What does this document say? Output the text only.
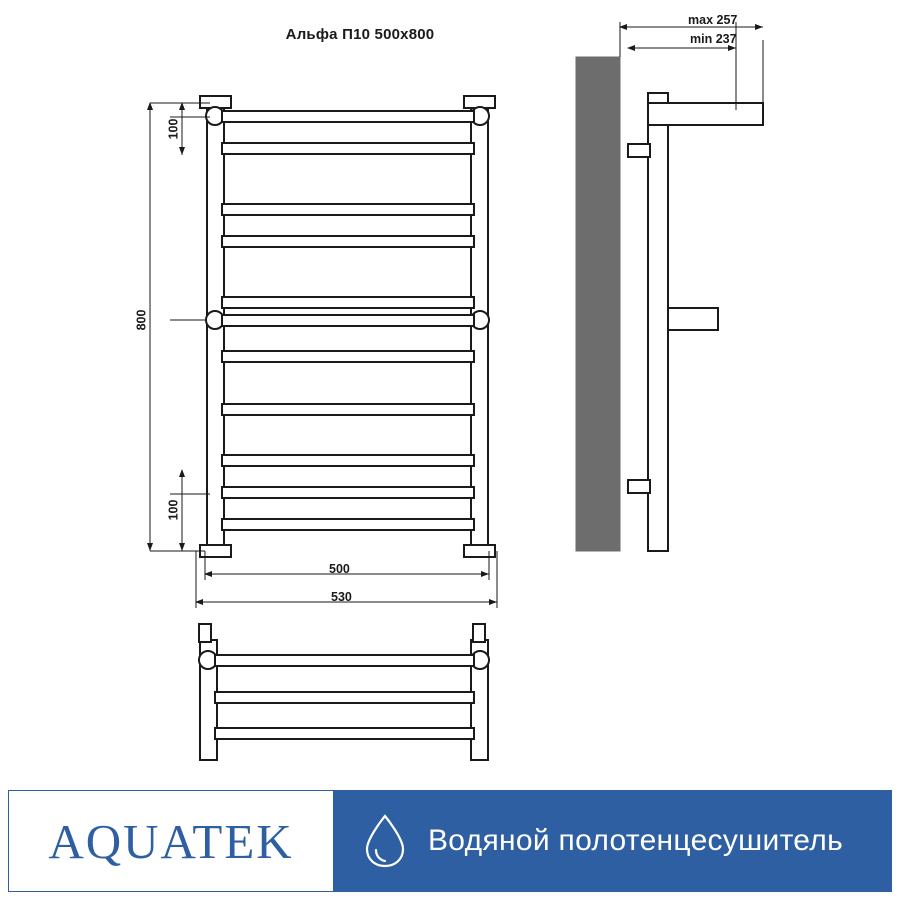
Альфа П10 500x800
100
800
100
500
530
max 257
min 237
AQUATEK	Водяной полотенцесушитель
